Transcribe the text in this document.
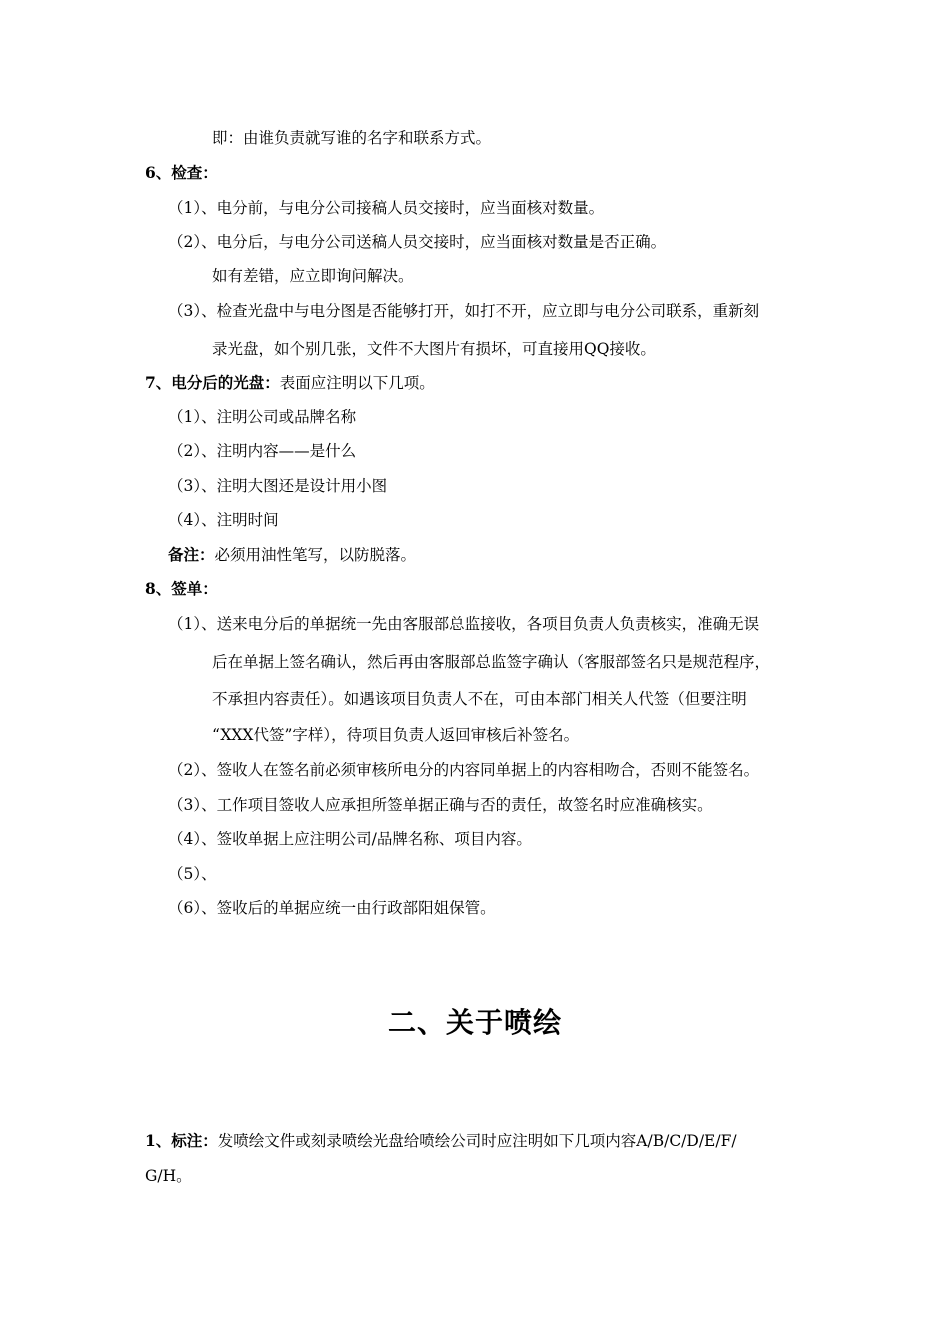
即：由谁负责就写谁的名字和联系方式。
6、检查：
（1）、电分前，与电分公司接稿人员交接时，应当面核对数量。
（2）、电分后，与电分公司送稿人员交接时，应当面核对数量是否正确。
如有差错，应立即询问解决。
（3）、检查光盘中与电分图是否能够打开，如打不开，应立即与电分公司联系，重新刻
录光盘，如个别几张，文件不大图片有损坏，可直接用QQ接收。
7、电分后的光盘：表面应注明以下几项。
（1）、注明公司或品牌名称
（2）、注明内容——是什么
（3）、注明大图还是设计用小图
（4）、注明时间
备注：必须用油性笔写，以防脱落。
8、签单：
（1）、送来电分后的单据统一先由客服部总监接收，各项目负责人负责核实，准确无误
后在单据上签名确认，然后再由客服部总监签字确认（客服部签名只是规范程序，
不承担内容责任）。如遇该项目负责人不在，可由本部门相关人代签（但要注明
“XXX代签”字样），待项目负责人返回审核后补签名。
（2）、签收人在签名前必须审核所电分的内容同单据上的内容相吻合，否则不能签名。
（3）、工作项目签收人应承担所签单据正确与否的责任，故签名时应准确核实。
（4）、签收单据上应注明公司/品牌名称、项目内容。
（5）、
（6）、签收后的单据应统一由行政部阳姐保管。
二、关于喷绘
1、标注：发喷绘文件或刻录喷绘光盘给喷绘公司时应注明如下几项内容A/B/C/D/E/F/
G/H。
